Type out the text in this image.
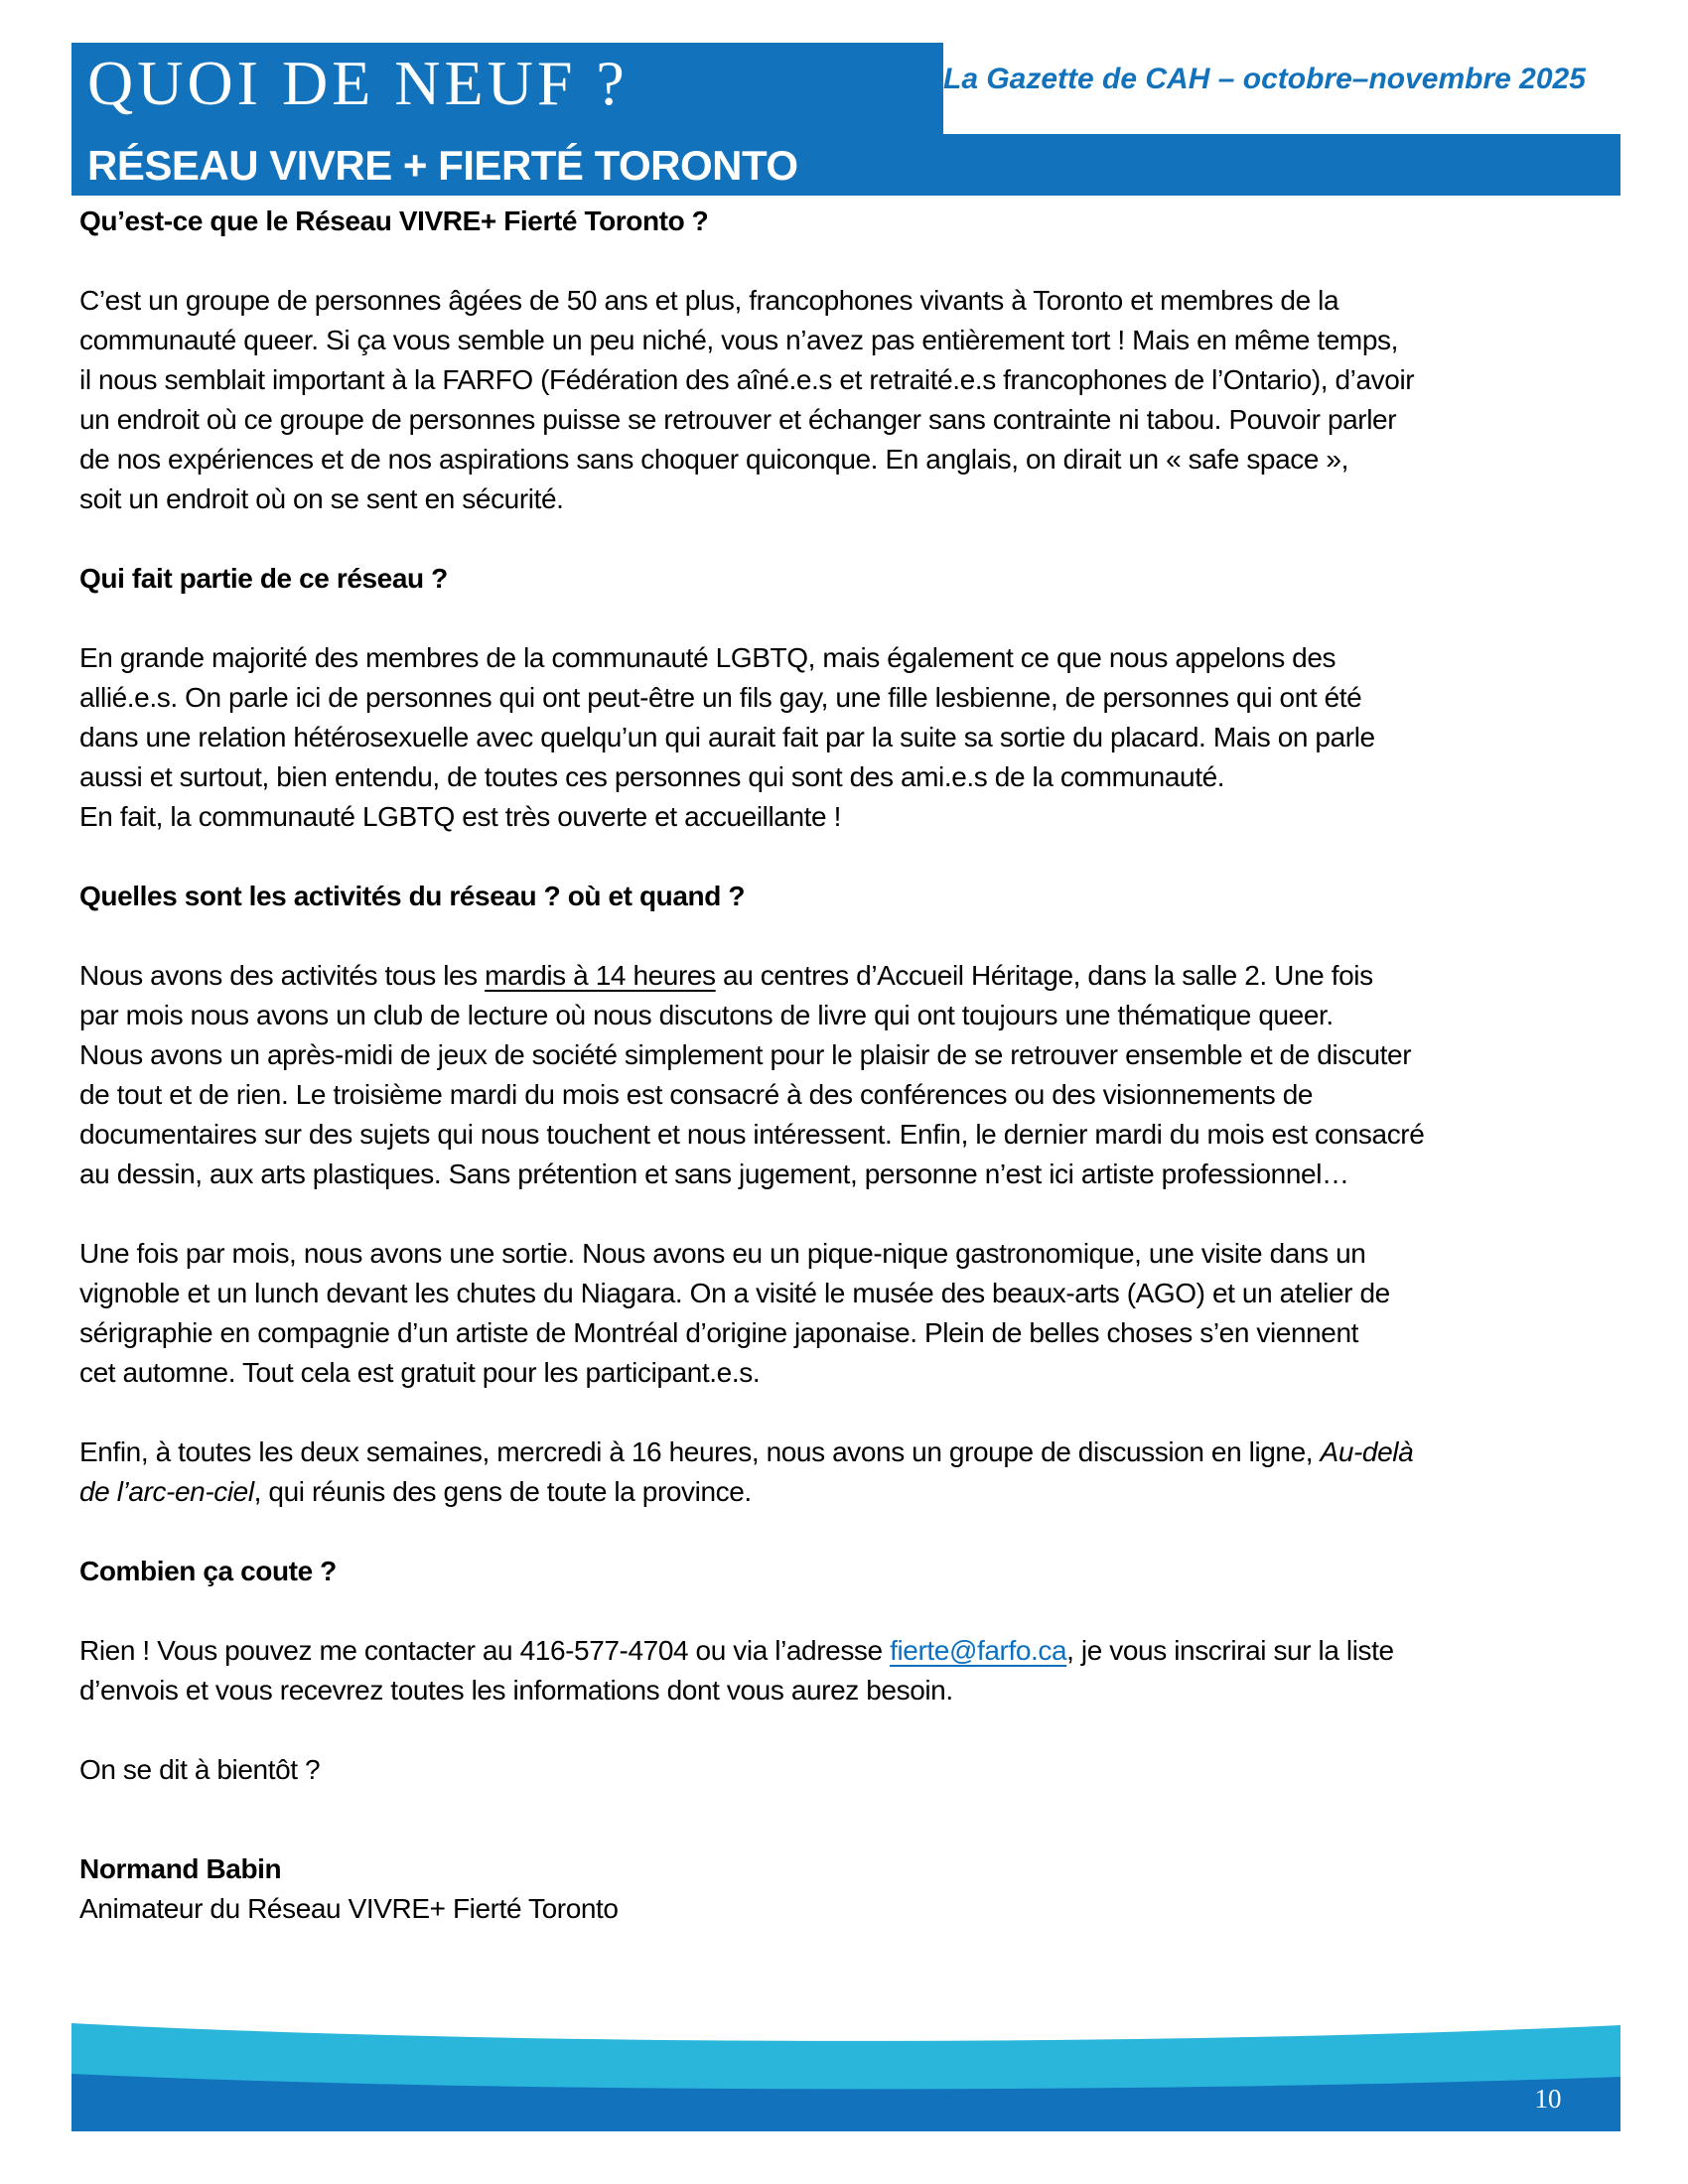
QUOI DE NEUF ?	La Gazette de CAH – octobre–novembre 2025
RÉSEAU VIVRE + FIERTÉ TORONTO

Qu’est-ce que le Réseau VIVRE+ Fierté Toronto ?

C’est un groupe de personnes âgées de 50 ans et plus, francophones vivants à Toronto et membres de la
communauté queer. Si ça vous semble un peu niché, vous n’avez pas entièrement tort ! Mais en même temps,
il nous semblait important à la FARFO (Fédération des aîné.e.s et retraité.e.s francophones de l’Ontario), d’avoir
un endroit où ce groupe de personnes puisse se retrouver et échanger sans contrainte ni tabou. Pouvoir parler
de nos expériences et de nos aspirations sans choquer quiconque. En anglais, on dirait un « safe space »,
soit un endroit où on se sent en sécurité.

Qui fait partie de ce réseau ?

En grande majorité des membres de la communauté LGBTQ, mais également ce que nous appelons des
allié.e.s. On parle ici de personnes qui ont peut-être un fils gay, une fille lesbienne, de personnes qui ont été
dans une relation hétérosexuelle avec quelqu’un qui aurait fait par la suite sa sortie du placard. Mais on parle
aussi et surtout, bien entendu, de toutes ces personnes qui sont des ami.e.s de la communauté.
En fait, la communauté LGBTQ est très ouverte et accueillante !

Quelles sont les activités du réseau ? où et quand ?

Nous avons des activités tous les mardis à 14 heures au centres d’Accueil Héritage, dans la salle 2. Une fois
par mois nous avons un club de lecture où nous discutons de livre qui ont toujours une thématique queer.
Nous avons un après-midi de jeux de société simplement pour le plaisir de se retrouver ensemble et de discuter
de tout et de rien. Le troisième mardi du mois est consacré à des conférences ou des visionnements de
documentaires sur des sujets qui nous touchent et nous intéressent. Enfin, le dernier mardi du mois est consacré
au dessin, aux arts plastiques. Sans prétention et sans jugement, personne n’est ici artiste professionnel…

Une fois par mois, nous avons une sortie. Nous avons eu un pique-nique gastronomique, une visite dans un
vignoble et un lunch devant les chutes du Niagara. On a visité le musée des beaux-arts (AGO) et un atelier de
sérigraphie en compagnie d’un artiste de Montréal d’origine japonaise. Plein de belles choses s’en viennent
cet automne. Tout cela est gratuit pour les participant.e.s.

Enfin, à toutes les deux semaines, mercredi à 16 heures, nous avons un groupe de discussion en ligne, Au-delà
de l’arc-en-ciel, qui réunis des gens de toute la province.

Combien ça coute ?

Rien ! Vous pouvez me contacter au 416-577-4704 ou via l’adresse fierte@farfo.ca, je vous inscrirai sur la liste
d’envois et vous recevrez toutes les informations dont vous aurez besoin.

On se dit à bientôt ?

Normand Babin
Animateur du Réseau VIVRE+ Fierté Toronto

10
